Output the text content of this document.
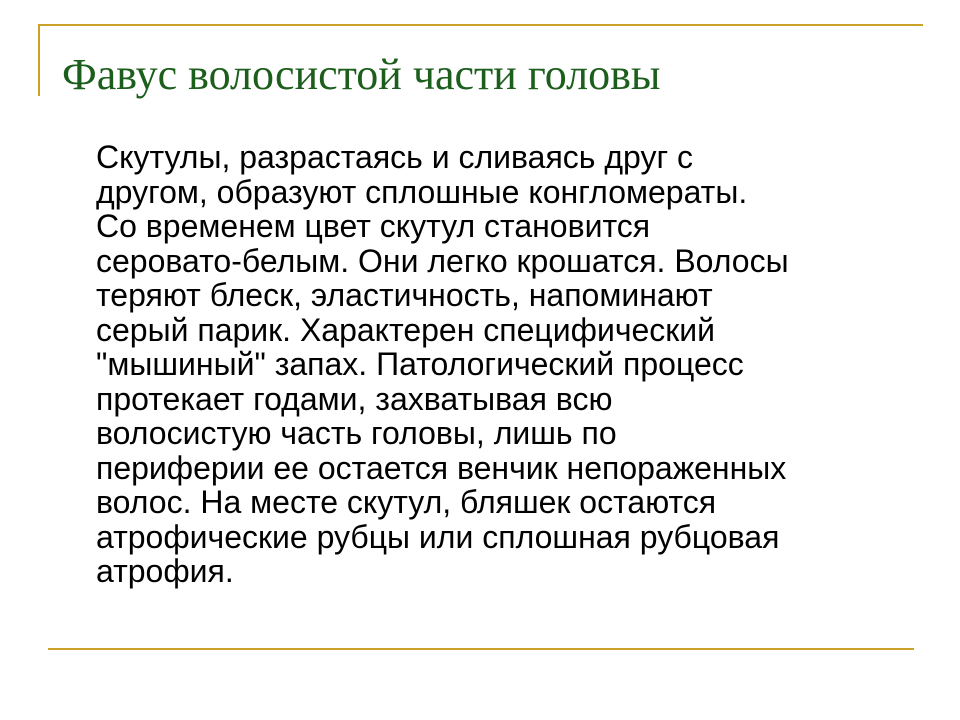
Фавус волосистой части головы
Скутулы, разрастаясь и сливаясь друг с
другом, образуют сплошные конгломераты.
Со временем цвет скутул становится
серовато-белым. Они легко крошатся. Волосы
теряют блеск, эластичность, напоминают
серый парик. Характерен специфический
"мышиный" запах. Патологический процесс
протекает годами, захватывая всю
волосистую часть головы, лишь по
периферии ее остается венчик непораженных
волос. На месте скутул, бляшек остаются
атрофические рубцы или сплошная рубцовая
атрофия.
